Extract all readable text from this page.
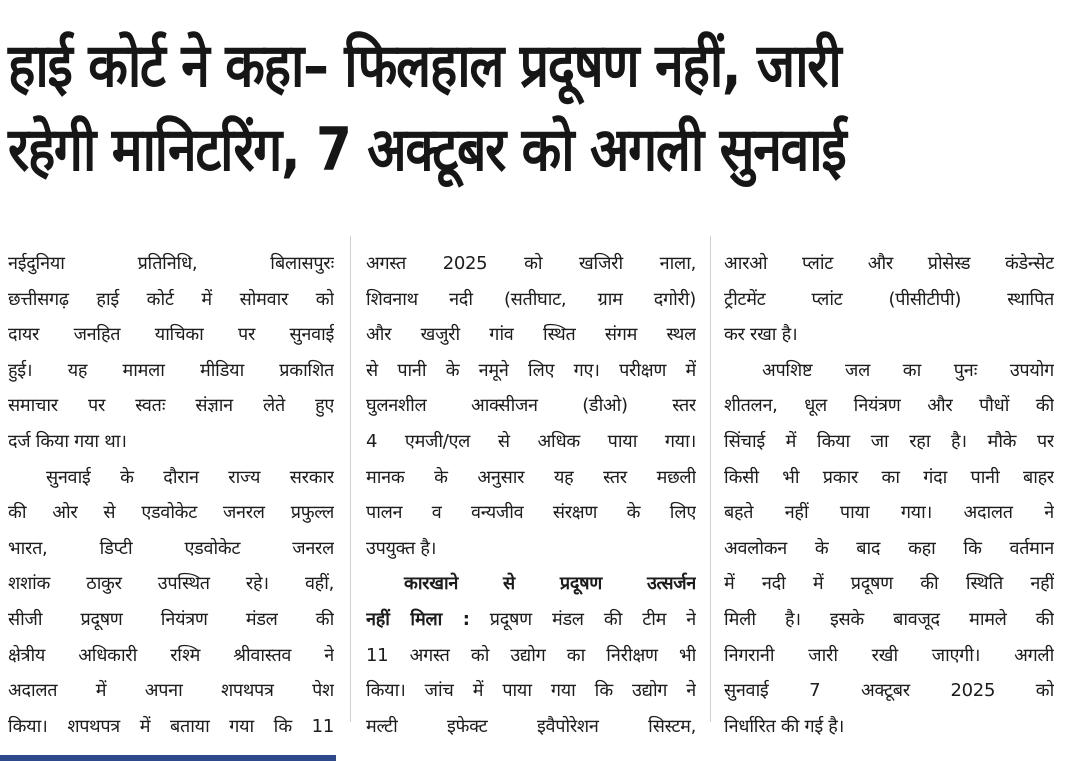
हाई कोर्ट ने कहा– फिलहाल प्रदूषण नहीं, जारी
रहेगी मानिटरिंग, 7 अक्टूबर को अगली सुनवाई
नईदुनिया प्रतिनिधि, बिलासपुरः
छत्तीसगढ़ हाई कोर्ट में सोमवार को
दायर जनहित याचिका पर सुनवाई
हुई। यह मामला मीडिया प्रकाशित
समाचार पर स्वतः संज्ञान लेते हुए
दर्ज किया गया था।
सुनवाई के दौरान राज्य सरकार
की ओर से एडवोकेट जनरल प्रफुल्ल
भारत, डिप्टी एडवोकेट जनरल
शशांक ठाकुर उपस्थित रहे। वहीं,
सीजी प्रदूषण नियंत्रण मंडल की
क्षेत्रीय अधिकारी रश्मि श्रीवास्तव ने
अदालत में अपना शपथपत्र पेश
किया। शपथपत्र में बताया गया कि 11
अगस्त 2025 को खजिरी नाला,
शिवनाथ नदी (सतीघाट, ग्राम दगोरी)
और खजुरी गांव स्थित संगम स्थल
से पानी के नमूने लिए गए। परीक्षण में
घुलनशील आक्सीजन (डीओ) स्तर
4 एमजी/एल से अधिक पाया गया।
मानक के अनुसार यह स्तर मछली
पालन व वन्यजीव संरक्षण के लिए
उपयुक्त है।
कारखाने से प्रदूषण उत्सर्जन
नहीं मिला : प्रदूषण मंडल की टीम ने
11 अगस्त को उद्योग का निरीक्षण भी
किया। जांच में पाया गया कि उद्योग ने
मल्टी इफेक्ट इवैपोरेशन सिस्टम,
आरओ प्लांट और प्रोसेस्ड कंडेन्सेट
ट्रीटमेंट प्लांट (पीसीटीपी) स्थापित
कर रखा है।
अपशिष्ट जल का पुनः उपयोग
शीतलन, धूल नियंत्रण और पौधों की
सिंचाई में किया जा रहा है। मौके पर
किसी भी प्रकार का गंदा पानी बाहर
बहते नहीं पाया गया। अदालत ने
अवलोकन के बाद कहा कि वर्तमान
में नदी में प्रदूषण की स्थिति नहीं
मिली है। इसके बावजूद मामले की
निगरानी जारी रखी जाएगी। अगली
सुनवाई 7 अक्टूबर 2025 को
निर्धारित की गई है।
